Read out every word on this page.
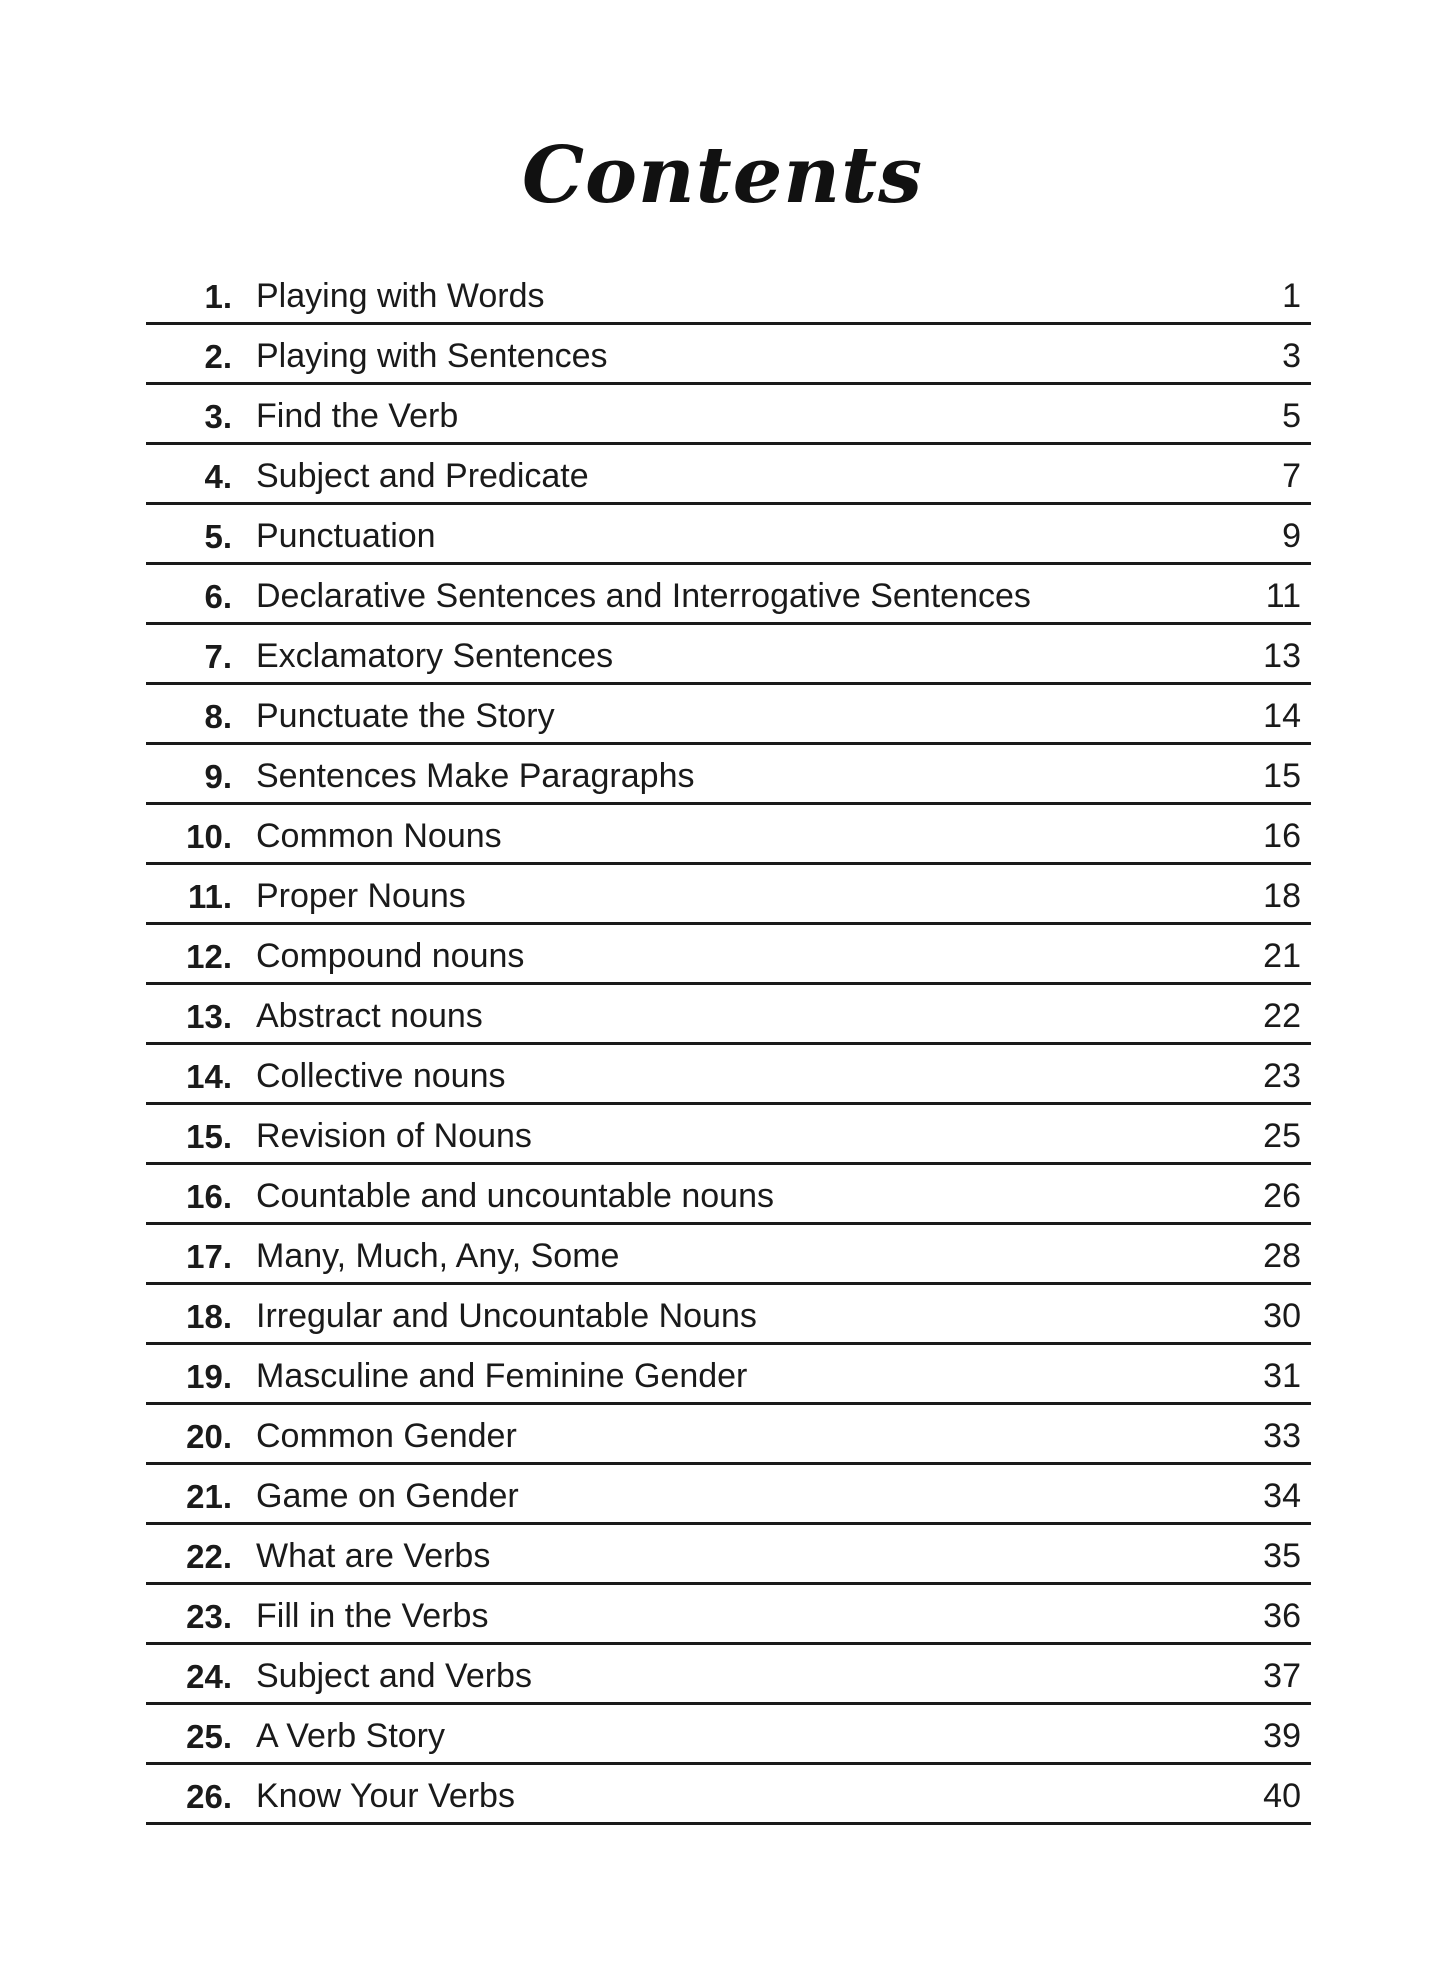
Contents
1. Playing with Words	1
2. Playing with Sentences	3
3. Find the Verb	5
4. Subject and Predicate	7
5. Punctuation	9
6. Declarative Sentences and Interrogative Sentences	11
7. Exclamatory Sentences	13
8. Punctuate the Story	14
9. Sentences Make Paragraphs	15
10. Common Nouns	16
11. Proper Nouns	18
12. Compound nouns	21
13. Abstract nouns	22
14. Collective nouns	23
15. Revision of Nouns	25
16. Countable and uncountable nouns	26
17. Many, Much, Any, Some	28
18. Irregular and Uncountable Nouns	30
19. Masculine and Feminine Gender	31
20. Common Gender	33
21. Game on Gender	34
22. What are Verbs	35
23. Fill in the Verbs	36
24. Subject and Verbs	37
25. A Verb Story	39
26. Know Your Verbs	40
